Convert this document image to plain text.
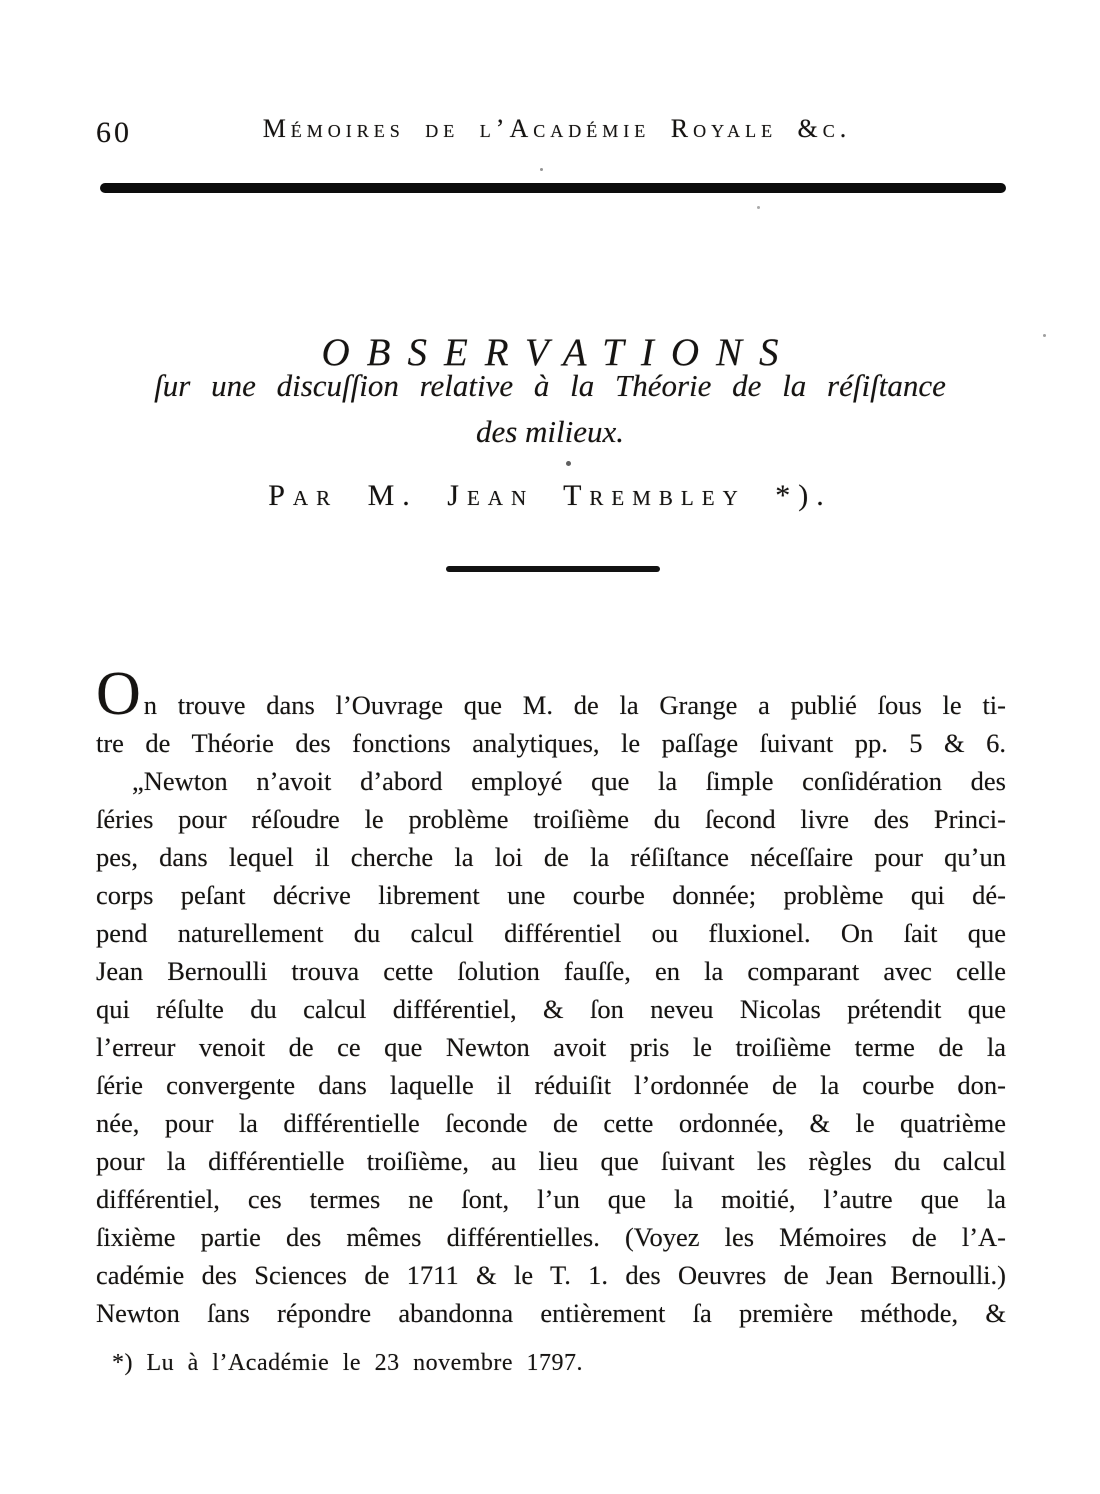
60	Mémoires de l’Académie Royale &c.
OBSERVATIONS
ſur une discuſſion relative à la Théorie de la réſiſtance
des milieux.
Par M. Jean Trembley *).
On trouve dans l’Ouvrage que M. de la Grange a publié ſous le ti-
tre de Théorie des fonctions analytiques, le paſſage ſuivant pp. 5 & 6.
„Newton n’avoit d’abord employé que la ſimple conſidération des
ſéries pour réſoudre le problème troiſième du ſecond livre des Princi-
pes, dans lequel il cherche la loi de la réſiſtance néceſſaire pour qu’un
corps peſant décrive librement une courbe donnée; problème qui dé-
pend naturellement du calcul différentiel ou fluxionel. On ſait que
Jean Bernoulli trouva cette ſolution fauſſe, en la comparant avec celle
qui réſulte du calcul différentiel, & ſon neveu Nicolas prétendit que
l’erreur venoit de ce que Newton avoit pris le troiſième terme de la
ſérie convergente dans laquelle il réduiſit l’ordonnée de la courbe don-
née, pour la différentielle ſeconde de cette ordonnée, & le quatrième
pour la différentielle troiſième, au lieu que ſuivant les règles du calcul
différentiel, ces termes ne ſont, l’un que la moitié, l’autre que la
ſixième partie des mêmes différentielles. (Voyez les Mémoires de l’A-
cadémie des Sciences de 1711 & le T. 1. des Oeuvres de Jean Bernoulli.)
Newton ſans répondre abandonna entièrement ſa première méthode, &
*) Lu à l’Académie le 23 novembre 1797.
